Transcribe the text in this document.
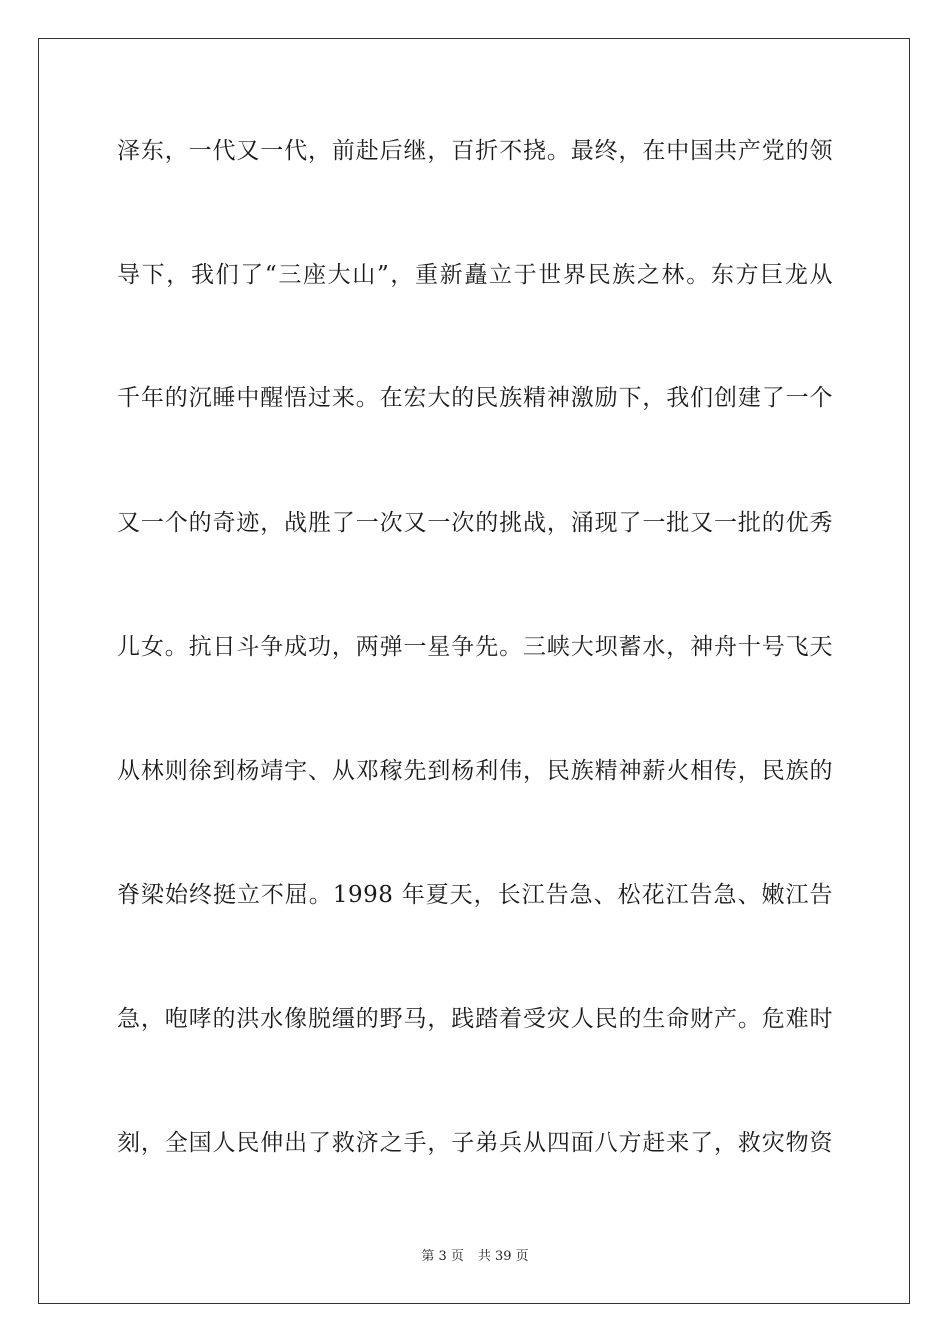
泽东，一代又一代，前赴后继，百折不挠。最终，在中国共产党的领
导下，我们了“三座大山”，重新矗立于世界民族之林。东方巨龙从
千年的沉睡中醒悟过来。在宏大的民族精神激励下，我们创建了一个
又一个的奇迹，战胜了一次又一次的挑战，涌现了一批又一批的优秀
儿女。抗日斗争成功，两弹一星争先。三峡大坝蓄水，神舟十号飞天
从林则徐到杨靖宇、从邓稼先到杨利伟，民族精神薪火相传，民族的
脊梁始终挺立不屈。1998 年夏天，长江告急、松花江告急、嫩江告
急，咆哮的洪水像脱缰的野马，践踏着受灾人民的生命财产。危难时
刻，全国人民伸出了救济之手，子弟兵从四面八方赶来了，救灾物资
第 3 页 共 39 页
